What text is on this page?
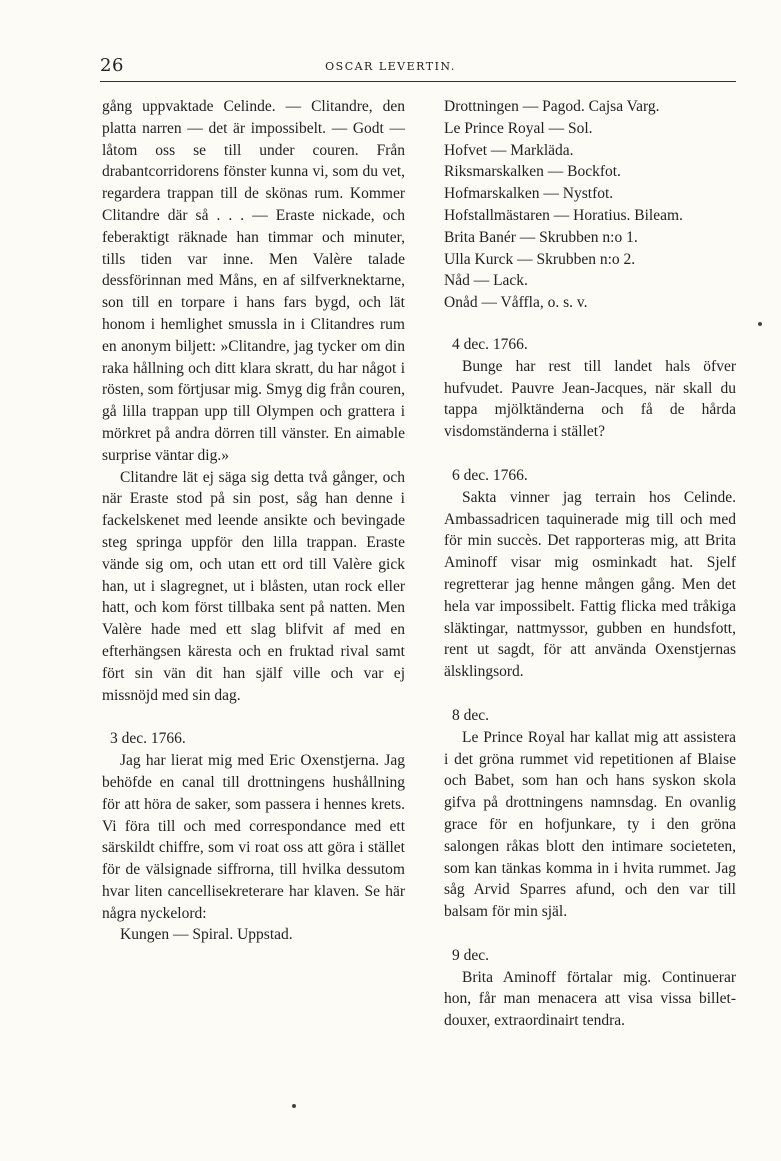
26	OSCAR LEVERTIN.

gång uppvaktade Celinde. — Clitandre, den platta narren — det är impossibelt. — Godt — låtom oss se till under couren. Från drabantcorridorens fönster kunna vi, som du vet, regardera trappan till de skönas rum. Kommer Clitandre där så . . . — Eraste nickade, och feberaktigt räknade han timmar och minuter, tills tiden var inne. Men Valère talade dessförinnan med Måns, en af silfverknektarne, son till en torpare i hans fars bygd, och lät honom i hemlighet smussla in i Clitandres rum en anonym biljett: »Clitandre, jag tycker om din raka hållning och ditt klara skratt, du har något i rösten, som förtjusar mig. Smyg dig från couren, gå lilla trappan upp till Olympen och grattera i mörkret på andra dörren till vänster. En aimable surprise väntar dig.»

Clitandre lät ej säga sig detta två gånger, och när Eraste stod på sin post, såg han denne i fackelskenet med leende ansikte och bevingade steg springa uppför den lilla trappan. Eraste vände sig om, och utan ett ord till Valère gick han, ut i slagregnet, ut i blåsten, utan rock eller hatt, och kom först tillbaka sent på natten. Men Valère hade med ett slag blifvit af med en efterhängsen käresta och en fruktad rival samt fört sin vän dit han själf ville och var ej missnöjd med sin dag.

3 dec. 1766.

Jag har lierat mig med Eric Oxenstjerna. Jag behöfde en canal till drottningens hushållning för att höra de saker, som passera i hennes krets. Vi föra till och med correspondance med ett särskildt chiffre, som vi roat oss att göra i stället för de välsignade siffrorna, till hvilka dessutom hvar liten cancellisekreterare har klaven. Se här några nyckelord:

Kungen — Spiral. Uppstad.

Drottningen — Pagod. Cajsa Varg.

Le Prince Royal — Sol.

Hofvet — Markläda.

Riksmarskalken — Bockfot.

Hofmarskalken — Nystfot.

Hofstallmästaren — Horatius. Bileam.

Brita Banér — Skrubben n:o 1.

Ulla Kurck — Skrubben n:o 2.

Nåd — Lack.

Onåd — Våffla, o. s. v.

4 dec. 1766.

Bunge har rest till landet hals öfver hufvudet. Pauvre Jean-Jacques, när skall du tappa mjölktänderna och få de hårda visdomständerna i stället?

6 dec. 1766.

Sakta vinner jag terrain hos Celinde. Ambassadricen taquinerade mig till och med för min succès. Det rapporteras mig, att Brita Aminoff visar mig osminkadt hat. Sjelf regretterar jag henne mången gång. Men det hela var impossibelt. Fattig flicka med tråkiga släktingar, nattmyssor, gubben en hundsfott, rent ut sagdt, för att använda Oxenstjernas älsklingsord.

8 dec.

Le Prince Royal har kallat mig att assistera i det gröna rummet vid repetitionen af Blaise och Babet, som han och hans syskon skola gifva på drottningens namnsdag. En ovanlig grace för en hofjunkare, ty i den gröna salongen råkas blott den intimare societeten, som kan tänkas komma in i hvita rummet. Jag såg Arvid Sparres afund, och den var till balsam för min själ.

9 dec.

Brita Aminoff förtalar mig. Continuerar hon, får man menacera att visa vissa billet-douxer, extraordinairt tendra.
